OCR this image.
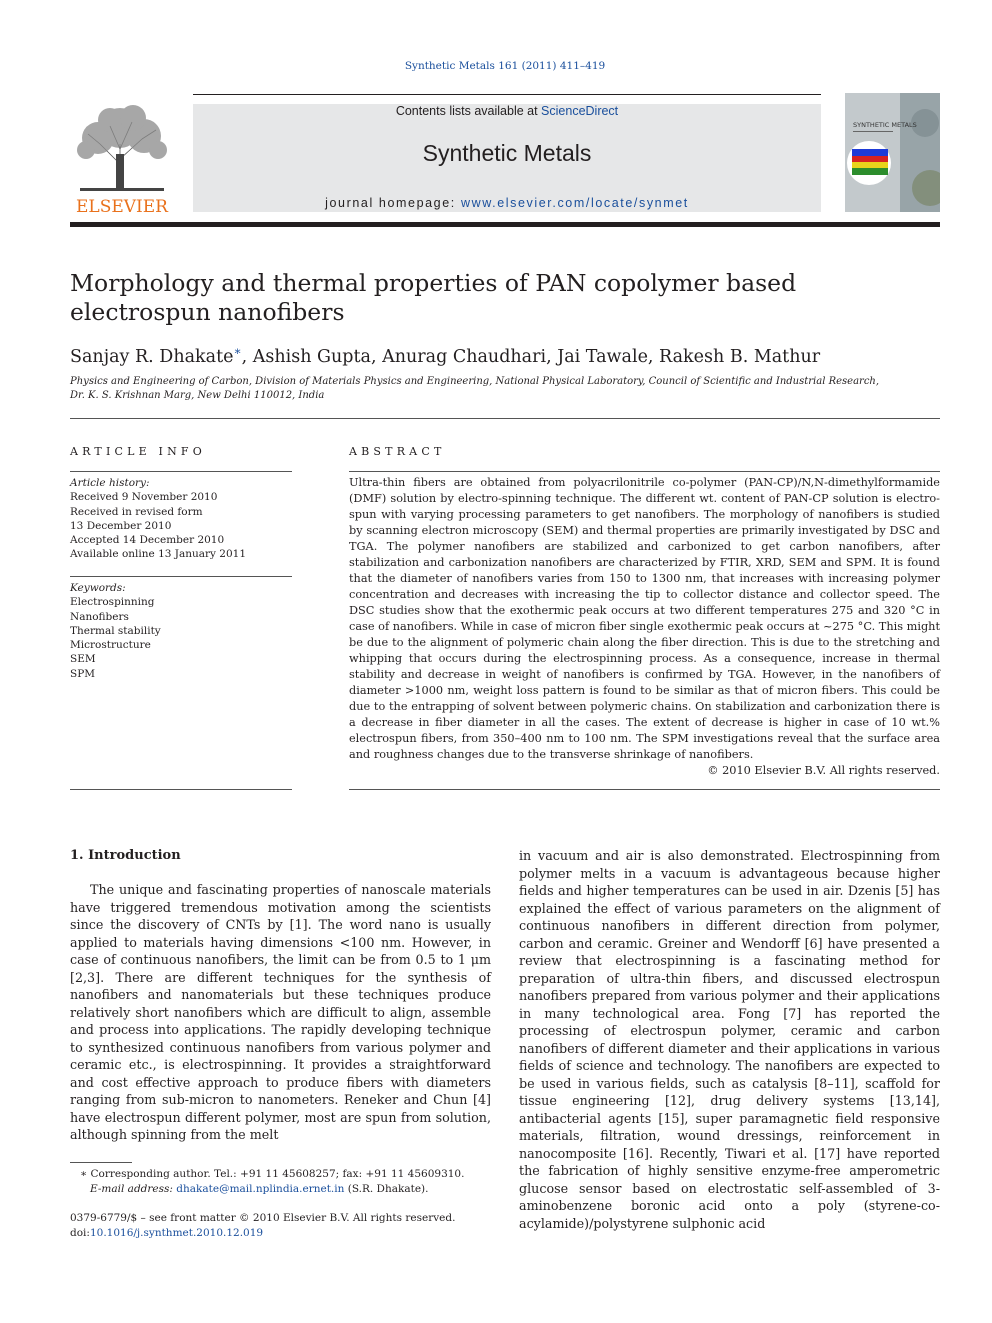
Synthetic Metals 161 (2011) 411–419
ELSEVIER
Contents lists available at ScienceDirect
Synthetic Metals
journal homepage: www.elsevier.com/locate/synmet
SYNTHETIC METALS
Morphology and thermal properties of PAN copolymer based electrospun nanofibers
Sanjay R. Dhakate∗, Ashish Gupta, Anurag Chaudhari, Jai Tawale, Rakesh B. Mathur
Physics and Engineering of Carbon, Division of Materials Physics and Engineering, National Physical Laboratory, Council of Scientific and Industrial Research,
Dr. K. S. Krishnan Marg, New Delhi 110012, India
ARTICLE INFO
Article history:
Received 9 November 2010
Received in revised form
13 December 2010
Accepted 14 December 2010
Available online 13 January 2011
Keywords:
Electrospinning
Nanofibers
Thermal stability
Microstructure
SEM
SPM
ABSTRACT
Ultra-thin fibers are obtained from polyacrilonitrile co-polymer (PAN-CP)/N,N-dimethylformamide (DMF) solution by electro-spinning technique. The different wt. content of PAN-CP solution is electro-spun with varying processing parameters to get nanofibers. The morphology of nanofibers is studied by scanning electron microscopy (SEM) and thermal properties are primarily investigated by DSC and TGA. The polymer nanofibers are stabilized and carbonized to get carbon nanofibers, after stabilization and carbonization nanofibers are characterized by FTIR, XRD, SEM and SPM. It is found that the diameter of nanofibers varies from 150 to 1300 nm, that increases with increasing polymer concentration and decreases with increasing the tip to collector distance and collector speed. The DSC studies show that the exothermic peak occurs at two different temperatures 275 and 320 °C in case of nanofibers. While in case of micron fiber single exothermic peak occurs at ~275 °C. This might be due to the alignment of polymeric chain along the fiber direction. This is due to the stretching and whipping that occurs during the electrospinning process. As a consequence, increase in thermal stability and decrease in weight of nanofibers is confirmed by TGA. However, in the nanofibers of diameter >1000 nm, weight loss pattern is found to be similar as that of micron fibers. This could be due to the entrapping of solvent between polymeric chains. On stabilization and carbonization there is a decrease in fiber diameter in all the cases. The extent of decrease is higher in case of 10 wt.% electrospun fibers, from 350–400 nm to 100 nm. The SPM investigations reveal that the surface area and roughness changes due to the transverse shrinkage of nanofibers.
© 2010 Elsevier B.V. All rights reserved.
1. Introduction

The unique and fascinating properties of nanoscale materials have triggered tremendous motivation among the scientists since the discovery of CNTs by [1]. The word nano is usually applied to materials having dimensions <100 nm. However, in case of continuous nanofibers, the limit can be from 0.5 to 1 μm [2,3]. There are different techniques for the synthesis of nanofibers and nanomaterials but these techniques produce relatively short nanofibers which are difficult to align, assemble and process into applications. The rapidly developing technique to synthesized continuous nanofibers from various polymer and ceramic etc., is electrospinning. It provides a straightforward and cost effective approach to produce fibers with diameters ranging from sub-micron to nanometers. Reneker and Chun [4] have electrospun different polymer, most are spun from solution, although spinning from the melt

in vacuum and air is also demonstrated. Electrospinning from polymer melts in a vacuum is advantageous because higher fields and higher temperatures can be used in air. Dzenis [5] has explained the effect of various parameters on the alignment of continuous nanofibers in different direction from polymer, carbon and ceramic. Greiner and Wendorff [6] have presented a review that electrospinning is a fascinating method for preparation of ultra-thin fibers, and discussed electrospun nanofibers prepared from various polymer and their applications in many technological area. Fong [7] has reported the processing of electrospun polymer, ceramic and carbon nanofibers of different diameter and their applications in various fields of science and technology. The nanofibers are expected to be used in various fields, such as catalysis [8–11], scaffold for tissue engineering [12], drug delivery systems [13,14], antibacterial agents [15], super paramagnetic field responsive materials, filtration, wound dressings, reinforcement in nanocomposite [16]. Recently, Tiwari et al. [17] have reported the fabrication of highly sensitive enzyme-free amperometric glucose sensor based on electrostatic self-assembled of 3-aminobenzene boronic acid onto a poly (styrene-co-acylamide)/polystyrene sulphonic acid

∗ Corresponding author. Tel.: +91 11 45608257; fax: +91 11 45609310.
E-mail address: dhakate@mail.nplindia.ernet.in (S.R. Dhakate).
0379-6779/$ – see front matter © 2010 Elsevier B.V. All rights reserved.
doi:10.1016/j.synthmet.2010.12.019
